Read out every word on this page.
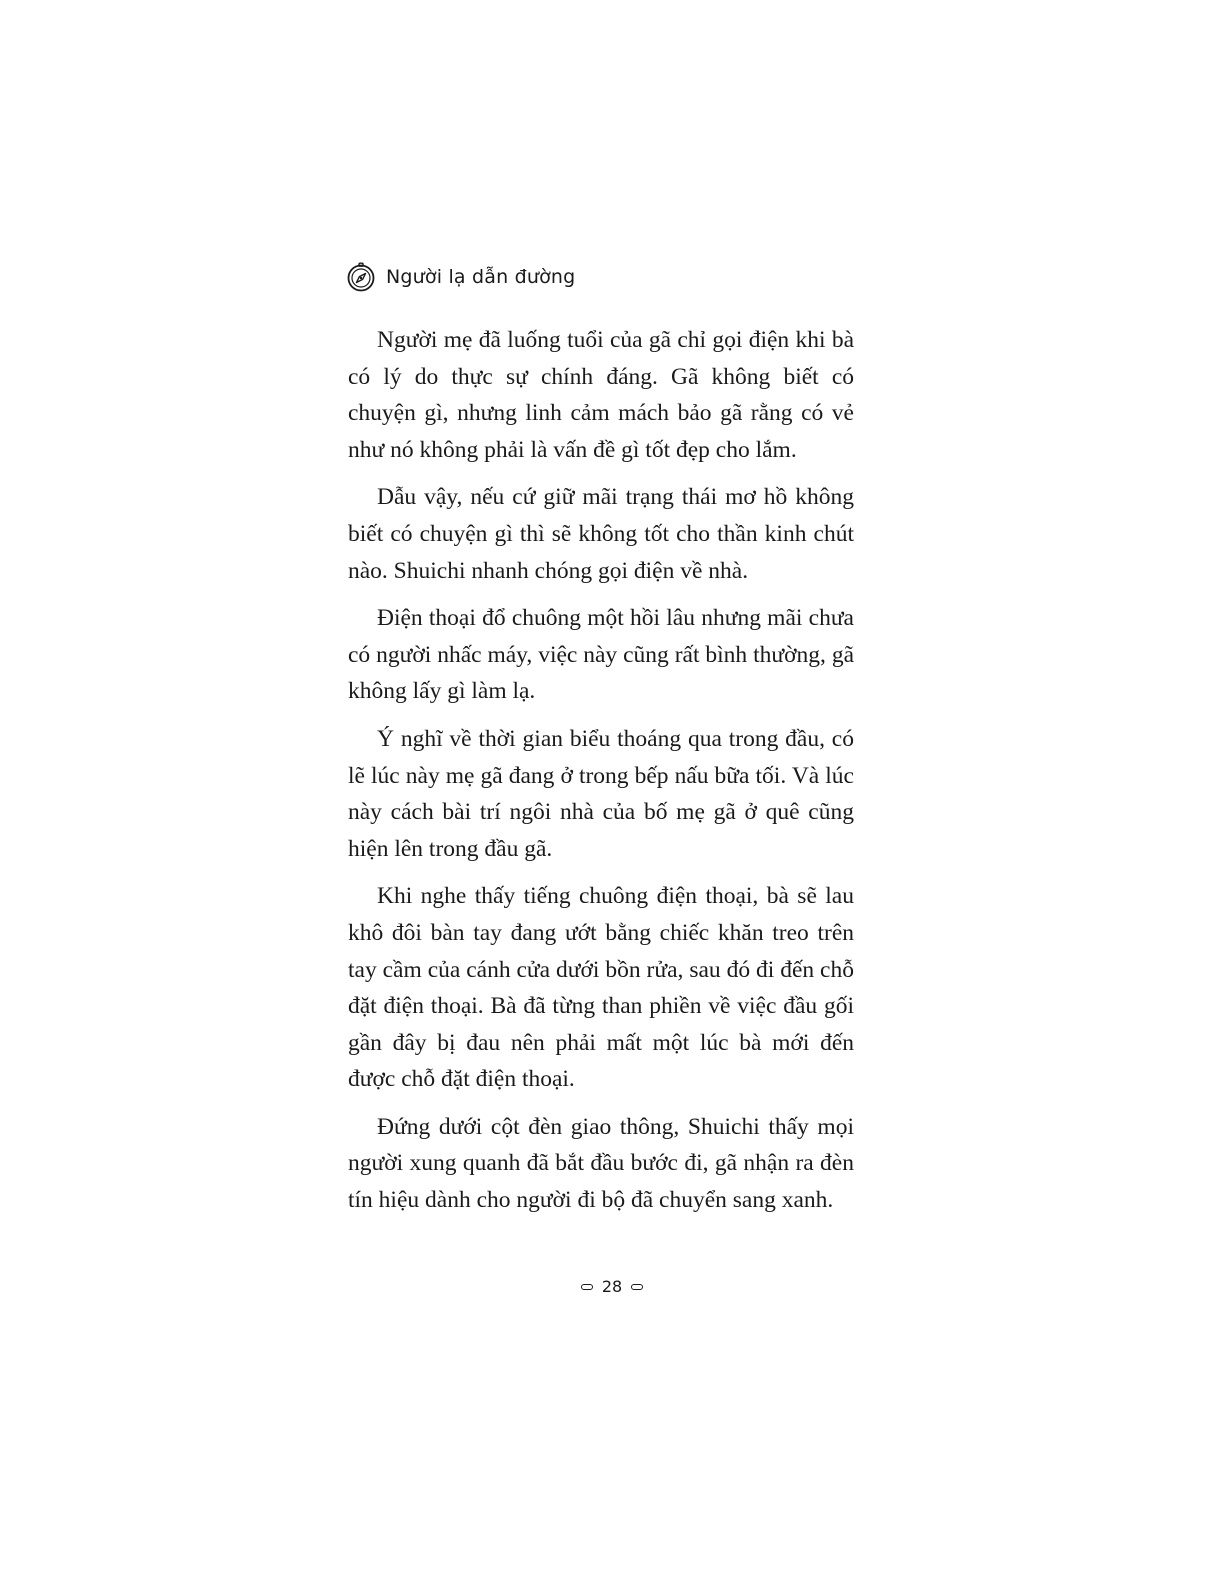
Người lạ dẫn đường

Người mẹ đã luống tuổi của gã chỉ gọi điện khi bà có lý do thực sự chính đáng. Gã không biết có chuyện gì, nhưng linh cảm mách bảo gã rằng có vẻ như nó không phải là vấn đề gì tốt đẹp cho lắm.

Dẫu vậy, nếu cứ giữ mãi trạng thái mơ hồ không biết có chuyện gì thì sẽ không tốt cho thần kinh chút nào. Shuichi nhanh chóng gọi điện về nhà.

Điện thoại đổ chuông một hồi lâu nhưng mãi chưa có người nhấc máy, việc này cũng rất bình thường, gã không lấy gì làm lạ.

Ý nghĩ về thời gian biểu thoáng qua trong đầu, có lẽ lúc này mẹ gã đang ở trong bếp nấu bữa tối. Và lúc này cách bài trí ngôi nhà của bố mẹ gã ở quê cũng hiện lên trong đầu gã.

Khi nghe thấy tiếng chuông điện thoại, bà sẽ lau khô đôi bàn tay đang ướt bằng chiếc khăn treo trên tay cầm của cánh cửa dưới bồn rửa, sau đó đi đến chỗ đặt điện thoại. Bà đã từng than phiền về việc đầu gối gần đây bị đau nên phải mất một lúc bà mới đến được chỗ đặt điện thoại.

Đứng dưới cột đèn giao thông, Shuichi thấy mọi người xung quanh đã bắt đầu bước đi, gã nhận ra đèn tín hiệu dành cho người đi bộ đã chuyển sang xanh.

28
